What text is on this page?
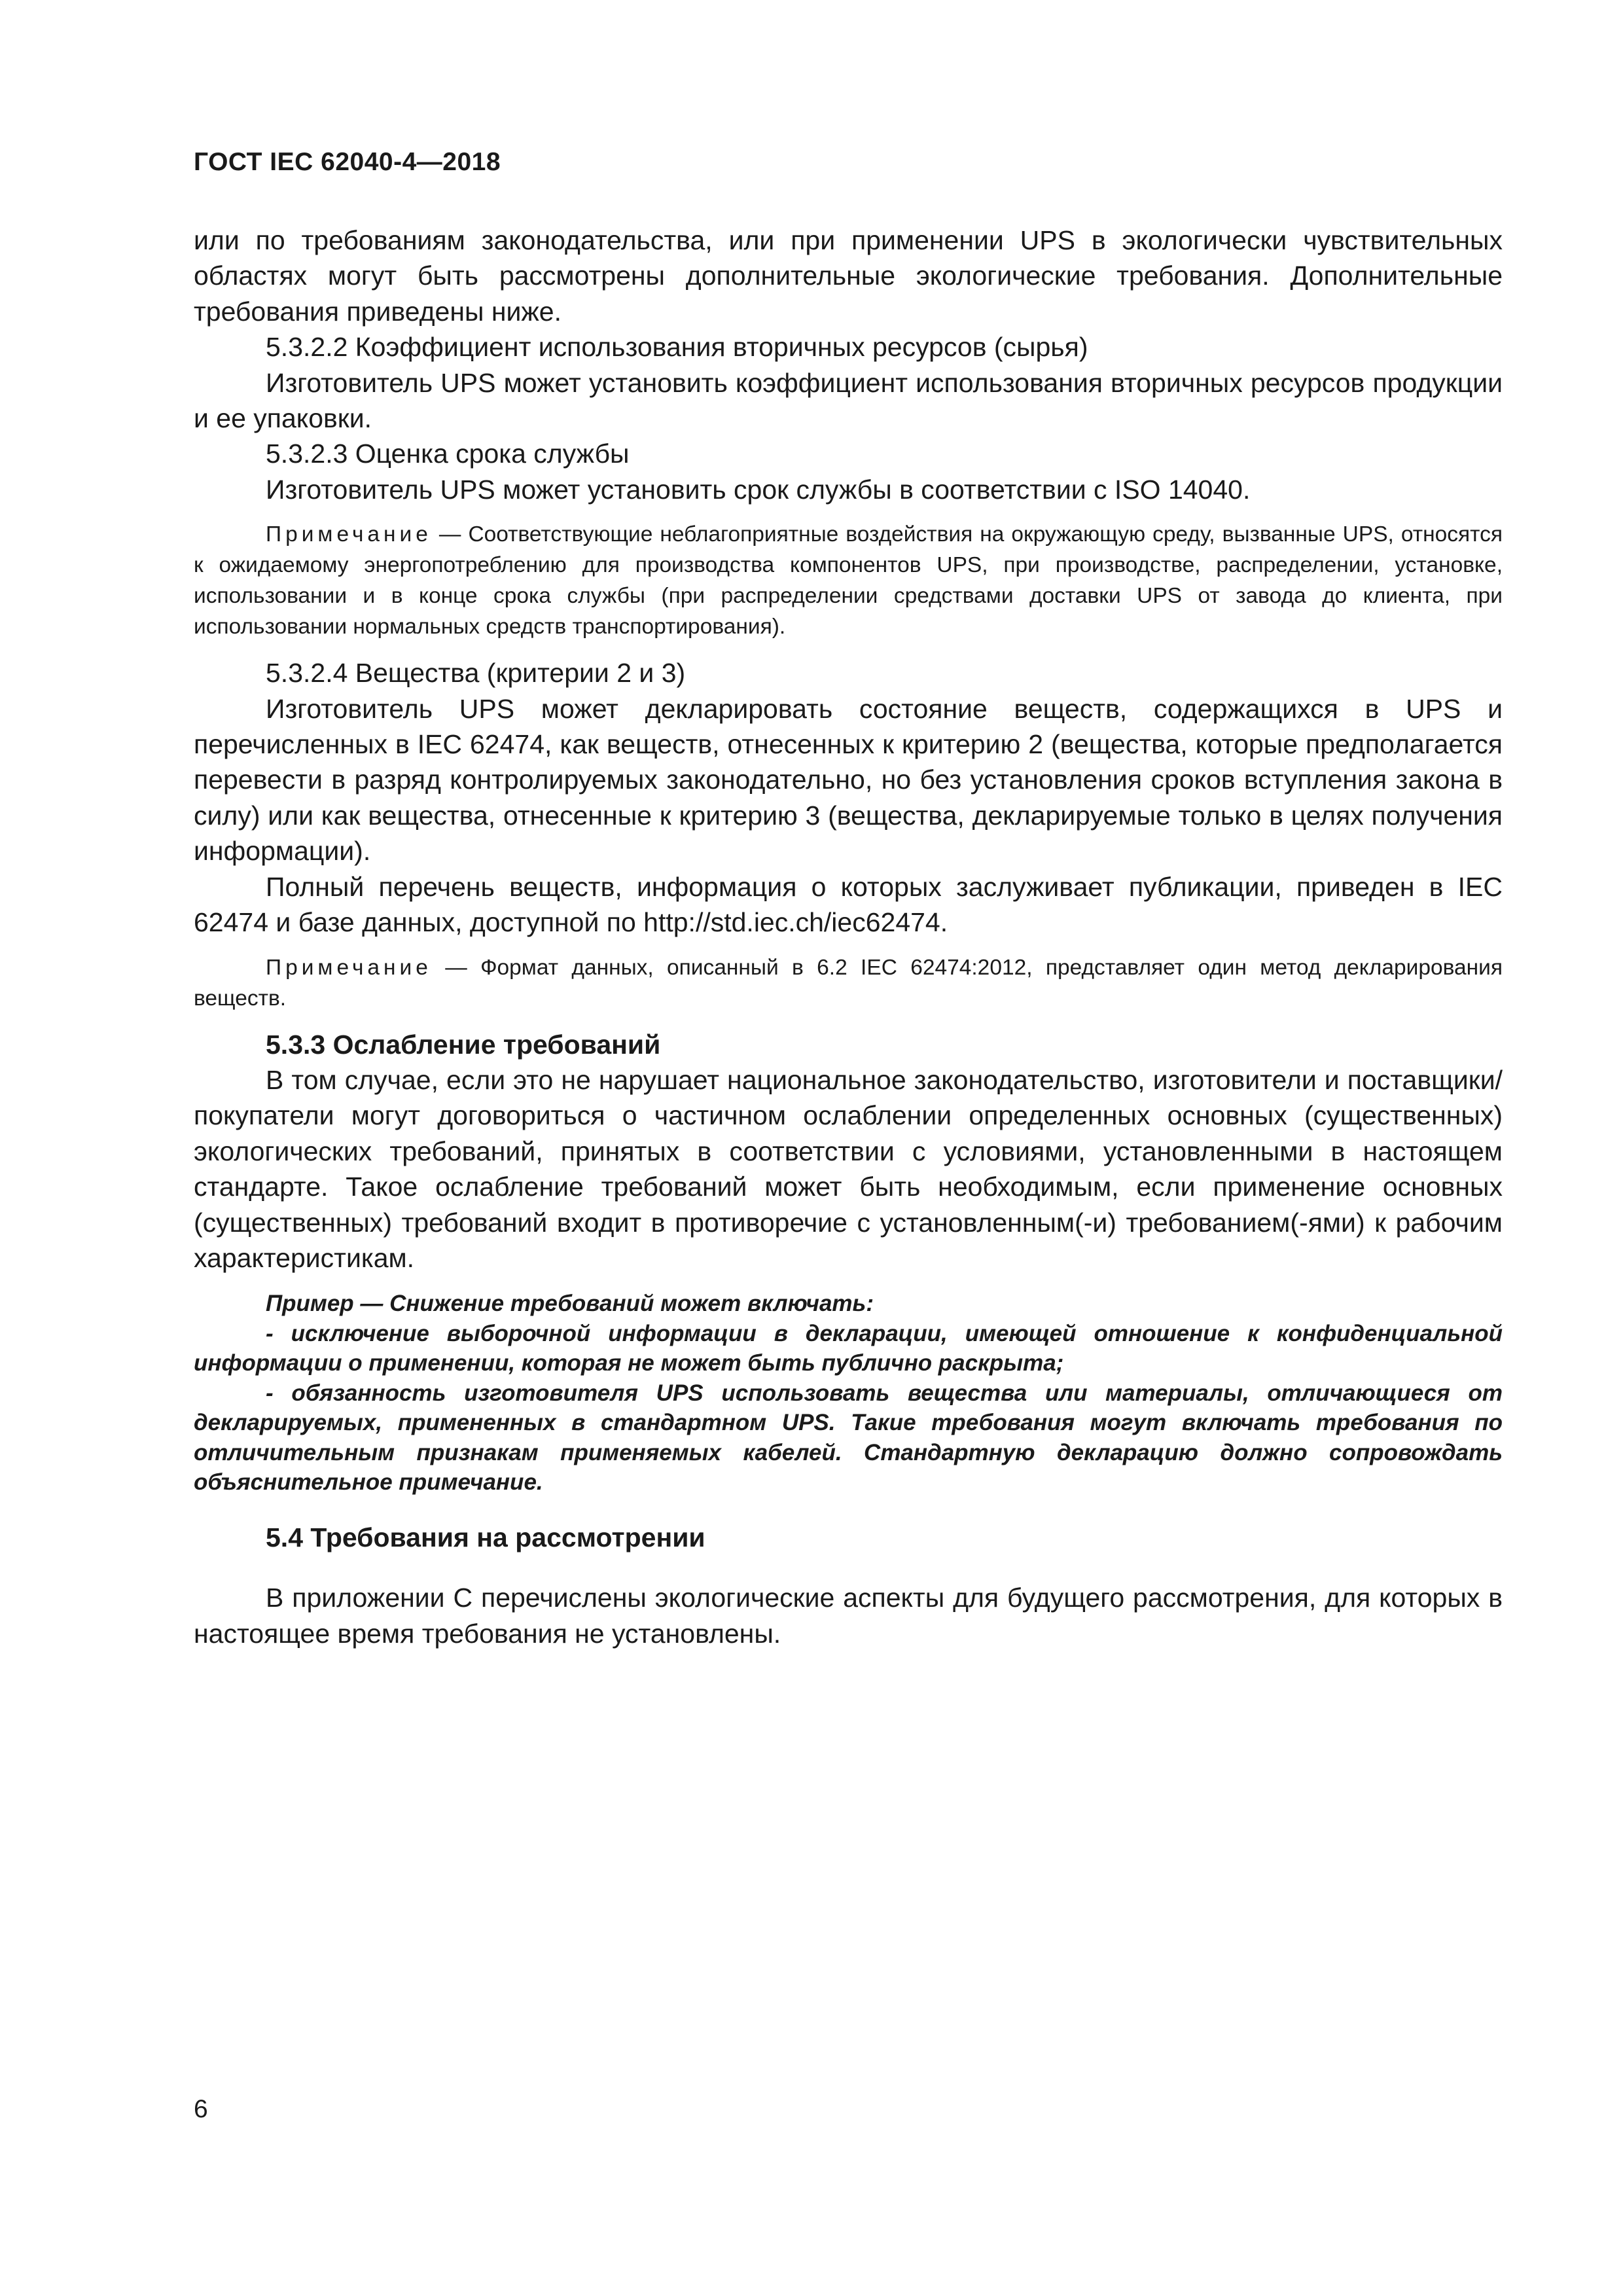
ГОСТ IEC 62040-4—2018

или по требованиям законодательства, или при применении UPS в экологически чувствительных областях могут быть рассмотрены дополнительные экологические требования. Дополнительные требования приведены ниже.

5.3.2.2 Коэффициент использования вторичных ресурсов (сырья)

Изготовитель UPS может установить коэффициент использования вторичных ресурсов продукции и ее упаковки.

5.3.2.3 Оценка срока службы

Изготовитель UPS может установить срок службы в соответствии с ISO 14040.

Примечание — Соответствующие неблагоприятные воздействия на окружающую среду, вызванные UPS, относятся к ожидаемому энергопотреблению для производства компонентов UPS, при производстве, распределении, установке, использовании и в конце срока службы (при распределении средствами доставки UPS от завода до клиента, при использовании нормальных средств транспортирования).

5.3.2.4 Вещества (критерии 2 и 3)

Изготовитель UPS может декларировать состояние веществ, содержащихся в UPS и перечисленных в IEC 62474, как веществ, отнесенных к критерию 2 (вещества, которые предполагается перевести в разряд контролируемых законодательно, но без установления сроков вступления закона в силу) или как вещества, отнесенные к критерию 3 (вещества, декларируемые только в целях получения информации).

Полный перечень веществ, информация о которых заслуживает публикации, приведен в IEC 62474 и базе данных, доступной по http://std.iec.ch/iec62474.

Примечание — Формат данных, описанный в 6.2 IEC 62474:2012, представляет один метод декларирования веществ.

5.3.3 Ослабление требований

В том случае, если это не нарушает национальное законодательство, изготовители и поставщики/ покупатели могут договориться о частичном ослаблении определенных основных (существенных) экологических требований, принятых в соответствии с условиями, установленными в настоящем стандарте. Такое ослабление требований может быть необходимым, если применение основных (существенных) требований входит в противоречие с установленным(-и) требованием(-ями) к рабочим характеристикам.

Пример — Снижение требований может включать:
- исключение выборочной информации в декларации, имеющей отношение к конфиденциальной информации о применении, которая не может быть публично раскрыта;
- обязанность изготовителя UPS использовать вещества или материалы, отличающиеся от декларируемых, примененных в стандартном UPS. Такие требования могут включать требования по отличительным признакам применяемых кабелей. Стандартную декларацию должно сопровождать объяснительное примечание.

5.4 Требования на рассмотрении

В приложении С перечислены экологические аспекты для будущего рассмотрения, для которых в настоящее время требования не установлены.

6
